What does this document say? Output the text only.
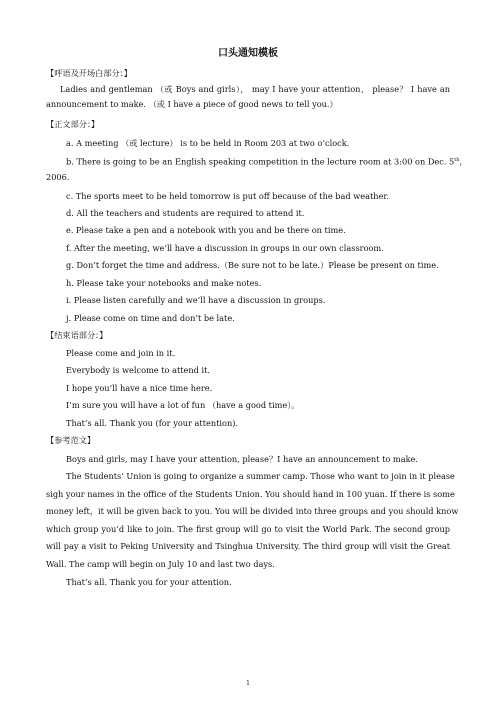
口头通知模板
【呼语及开场白部分：】
Ladies and gentleman （或 Boys and girls）， may I have your attention， please？ I have an
announcement to make. （或 I have a piece of good news to tell you.）
【正文部分：】
a. A meeting （或 lecture） is to be held in Room 203 at two o’clock.
b. There is going to be an English speaking competition in the lecture room at 3:00 on Dec. 5th,
2006.
c. The sports meet to be held tomorrow is put off because of the bad weather.
d. All the teachers and students are required to attend it.
e. Please take a pen and a notebook with you and be there on time.
f. After the meeting, we’ll have a discussion in groups in our own classroom.
g. Don’t forget the time and address.（Be sure not to be late.）Please be present on time.
h. Please take your notebooks and make notes.
i. Please listen carefully and we’ll have a discussion in groups.
j. Please come on time and don’t be late.
【结束语部分：】
Please come and join in it.
Everybody is welcome to attend it.
I hope you’ll have a nice time here.
I’m sure you will have a lot of fun （have a good time）。
That’s all. Thank you (for your attention).
【参考范文】
Boys and girls, may I have your attention, please？I have an announcement to make.
The Students’ Union is going to organize a summer camp. Those who want to join in it please
sigh your names in the office of the Students Union. You should hand in 100 yuan. If there is some
money left，it will be given back to you. You will be divided into three groups and you should know
which group you’d like to join. The first group will go to visit the World Park. The second group
will pay a visit to Peking University and Tsinghua University. The third group will visit the Great
Wall. The camp will begin on July 10 and last two days.
That’s all. Thank you for your attention.
1
